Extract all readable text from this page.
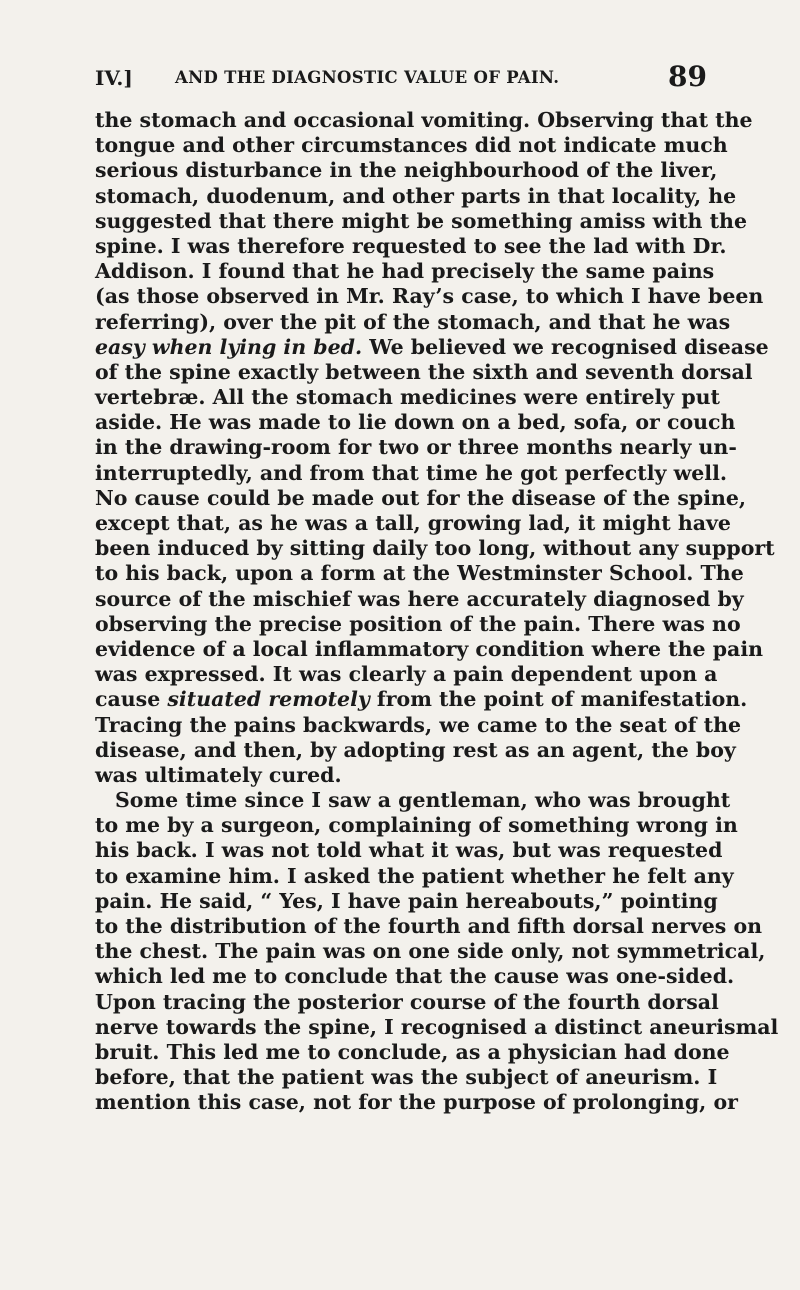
IV.]	AND THE DIAGNOSTIC VALUE OF PAIN.	89
the stomach and occasional vomiting. Observing that the
tongue and other circumstances did not indicate much
serious disturbance in the neighbourhood of the liver,
stomach, duodenum, and other parts in that locality, he
suggested that there might be something amiss with the
spine. I was therefore requested to see the lad with Dr.
Addison. I found that he had precisely the same pains
(as those observed in Mr. Ray’s case, to which I have been
referring), over the pit of the stomach, and that he was
easy when lying in bed. We believed we recognised disease
of the spine exactly between the sixth and seventh dorsal
vertebræ. All the stomach medicines were entirely put
aside. He was made to lie down on a bed, sofa, or couch
in the drawing-room for two or three months nearly un-
interruptedly, and from that time he got perfectly well.
No cause could be made out for the disease of the spine,
except that, as he was a tall, growing lad, it might have
been induced by sitting daily too long, without any support
to his back, upon a form at the Westminster School. The
source of the mischief was here accurately diagnosed by
observing the precise position of the pain. There was no
evidence of a local inflammatory condition where the pain
was expressed. It was clearly a pain dependent upon a
cause situated remotely from the point of manifestation.
Tracing the pains backwards, we came to the seat of the
disease, and then, by adopting rest as an agent, the boy
was ultimately cured.
Some time since I saw a gentleman, who was brought
to me by a surgeon, complaining of something wrong in
his back. I was not told what it was, but was requested
to examine him. I asked the patient whether he felt any
pain. He said, “ Yes, I have pain hereabouts,” pointing
to the distribution of the fourth and fifth dorsal nerves on
the chest. The pain was on one side only, not symmetrical,
which led me to conclude that the cause was one-sided.
Upon tracing the posterior course of the fourth dorsal
nerve towards the spine, I recognised a distinct aneurismal
bruit. This led me to conclude, as a physician had done
before, that the patient was the subject of aneurism. I
mention this case, not for the purpose of prolonging, or
